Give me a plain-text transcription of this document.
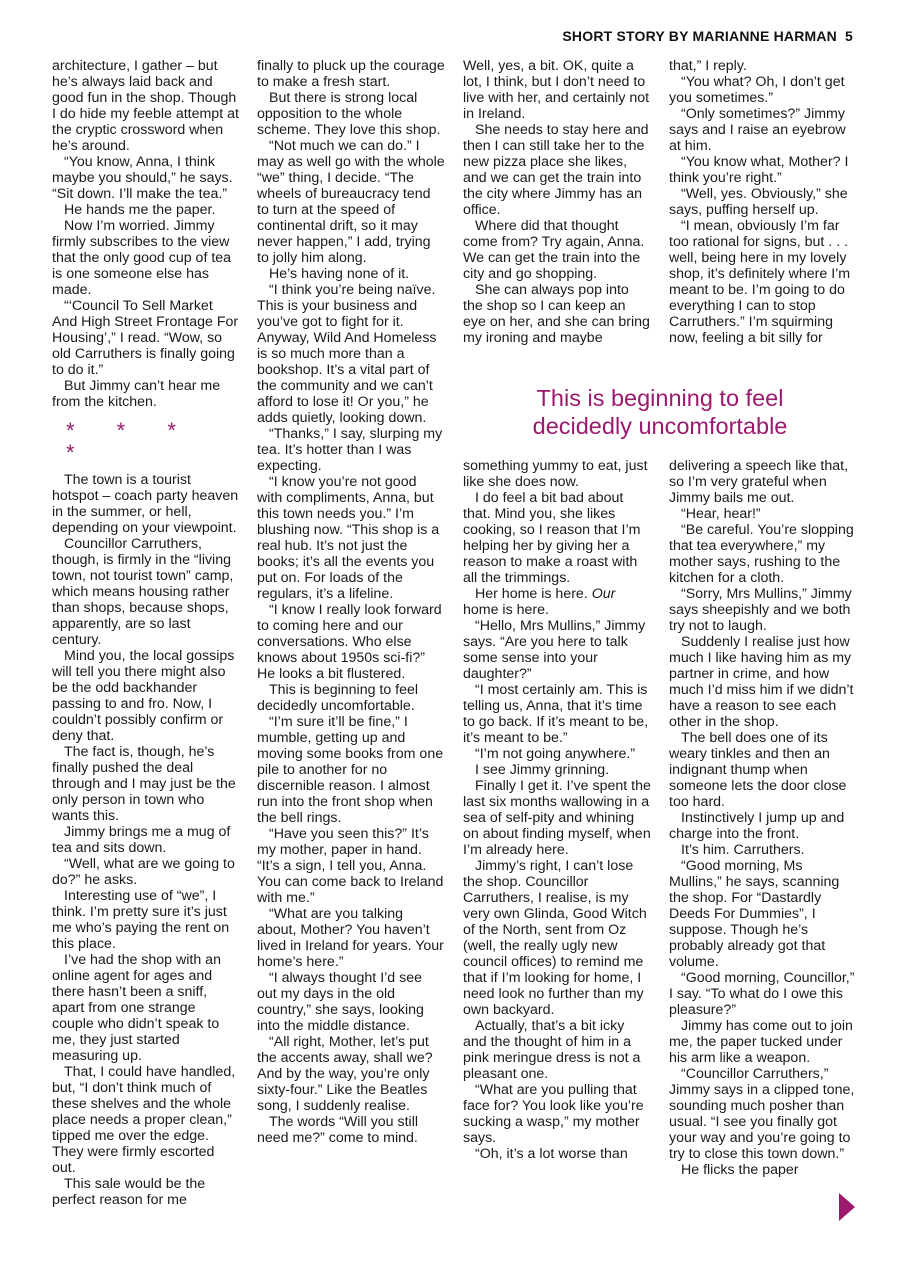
SHORT STORY BY MARIANNE HARMAN 5

architecture, I gather – but he’s always laid back and good fun in the shop. Though I do hide my feeble attempt at the cryptic crossword when he’s around.

“You know, Anna, I think maybe you should,” he says. “Sit down. I’ll make the tea.”

He hands me the paper.

Now I’m worried. Jimmy firmly subscribes to the view that the only good cup of tea is one someone else has made.

“‘Council To Sell Market And High Street Frontage For Housing’,” I read. “Wow, so old Carruthers is finally going to do it.”

But Jimmy can’t hear me from the kitchen.

* * * *

The town is a tourist hotspot – coach party heaven in the summer, or hell, depending on your viewpoint.

Councillor Carruthers, though, is firmly in the “living town, not tourist town” camp, which means housing rather than shops, because shops, apparently, are so last century.

Mind you, the local gossips will tell you there might also be the odd backhander passing to and fro. Now, I couldn’t possibly confirm or deny that.

The fact is, though, he’s finally pushed the deal through and I may just be the only person in town who wants this.

Jimmy brings me a mug of tea and sits down.

“Well, what are we going to do?” he asks.

Interesting use of “we”, I think. I’m pretty sure it’s just me who’s paying the rent on this place.

I’ve had the shop with an online agent for ages and there hasn’t been a sniff, apart from one strange couple who didn’t speak to me, they just started measuring up.

That, I could have handled, but, “I don’t think much of these shelves and the whole place needs a proper clean,” tipped me over the edge. They were firmly escorted out.

This sale would be the perfect reason for me

finally to pluck up the courage to make a fresh start.

But there is strong local opposition to the whole scheme. They love this shop.

“Not much we can do.” I may as well go with the whole “we” thing, I decide. “The wheels of bureaucracy tend to turn at the speed of continental drift, so it may never happen,” I add, trying to jolly him along.

He’s having none of it.

“I think you’re being naïve. This is your business and you’ve got to fight for it. Anyway, Wild And Homeless is so much more than a bookshop. It’s a vital part of the community and we can’t afford to lose it! Or you,” he adds quietly, looking down.

“Thanks,” I say, slurping my tea. It’s hotter than I was expecting.

“I know you’re not good with compliments, Anna, but this town needs you.” I’m blushing now. “This shop is a real hub. It’s not just the books; it’s all the events you put on. For loads of the regulars, it’s a lifeline.

“I know I really look forward to coming here and our conversations. Who else knows about 1950s sci-fi?” He looks a bit flustered.

This is beginning to feel decidedly uncomfortable.

“I’m sure it’ll be fine,” I mumble, getting up and moving some books from one pile to another for no discernible reason. I almost run into the front shop when the bell rings.

“Have you seen this?” It’s my mother, paper in hand. “It’s a sign, I tell you, Anna. You can come back to Ireland with me.”

“What are you talking about, Mother? You haven’t lived in Ireland for years. Your home’s here.”

“I always thought I’d see out my days in the old country,” she says, looking into the middle distance.

“All right, Mother, let’s put the accents away, shall we? And by the way, you’re only sixty-four.” Like the Beatles song, I suddenly realise.

The words “Will you still need me?” come to mind.

Well, yes, a bit. OK, quite a lot, I think, but I don’t need to live with her, and certainly not in Ireland.

She needs to stay here and then I can still take her to the new pizza place she likes, and we can get the train into the city where Jimmy has an office.

Where did that thought come from? Try again, Anna. We can get the train into the city and go shopping.

She can always pop into the shop so I can keep an eye on her, and she can bring my ironing and maybe

that,” I reply.

“You what? Oh, I don’t get you sometimes.”

“Only sometimes?” Jimmy says and I raise an eyebrow at him.

“You know what, Mother? I think you’re right.”

“Well, yes. Obviously,” she says, puffing herself up.

“I mean, obviously I’m far too rational for signs, but . . . well, being here in my lovely shop, it’s definitely where I’m meant to be. I’m going to do everything I can to stop Carruthers.” I’m squirming now, feeling a bit silly for

This is beginning to feel
decidedly uncomfortable

something yummy to eat, just like she does now.

I do feel a bit bad about that. Mind you, she likes cooking, so I reason that I’m helping her by giving her a reason to make a roast with all the trimmings.

Her home is here. Our home is here.

“Hello, Mrs Mullins,” Jimmy says. “Are you here to talk some sense into your daughter?”

“I most certainly am. This is telling us, Anna, that it’s time to go back. If it’s meant to be, it’s meant to be.”

“I’m not going anywhere.”

I see Jimmy grinning.

Finally I get it. I’ve spent the last six months wallowing in a sea of self-pity and whining on about finding myself, when I’m already here.

Jimmy’s right, I can’t lose the shop. Councillor Carruthers, I realise, is my very own Glinda, Good Witch of the North, sent from Oz (well, the really ugly new council offices) to remind me that if I’m looking for home, I need look no further than my own backyard.

Actually, that’s a bit icky and the thought of him in a pink meringue dress is not a pleasant one.

“What are you pulling that face for? You look like you’re sucking a wasp,” my mother says.

“Oh, it’s a lot worse than

delivering a speech like that, so I’m very grateful when Jimmy bails me out.

“Hear, hear!”

“Be careful. You’re slopping that tea everywhere,” my mother says, rushing to the kitchen for a cloth.

“Sorry, Mrs Mullins,” Jimmy says sheepishly and we both try not to laugh.

Suddenly I realise just how much I like having him as my partner in crime, and how much I’d miss him if we didn’t have a reason to see each other in the shop.

The bell does one of its weary tinkles and then an indignant thump when someone lets the door close too hard.

Instinctively I jump up and charge into the front.

It’s him. Carruthers.

“Good morning, Ms Mullins,” he says, scanning the shop. For “Dastardly Deeds For Dummies”, I suppose. Though he’s probably already got that volume.

“Good morning, Councillor,” I say. “To what do I owe this pleasure?”

Jimmy has come out to join me, the paper tucked under his arm like a weapon.

“Councillor Carruthers,” Jimmy says in a clipped tone, sounding much posher than usual. “I see you finally got your way and you’re going to try to close this town down.”

He flicks the paper
